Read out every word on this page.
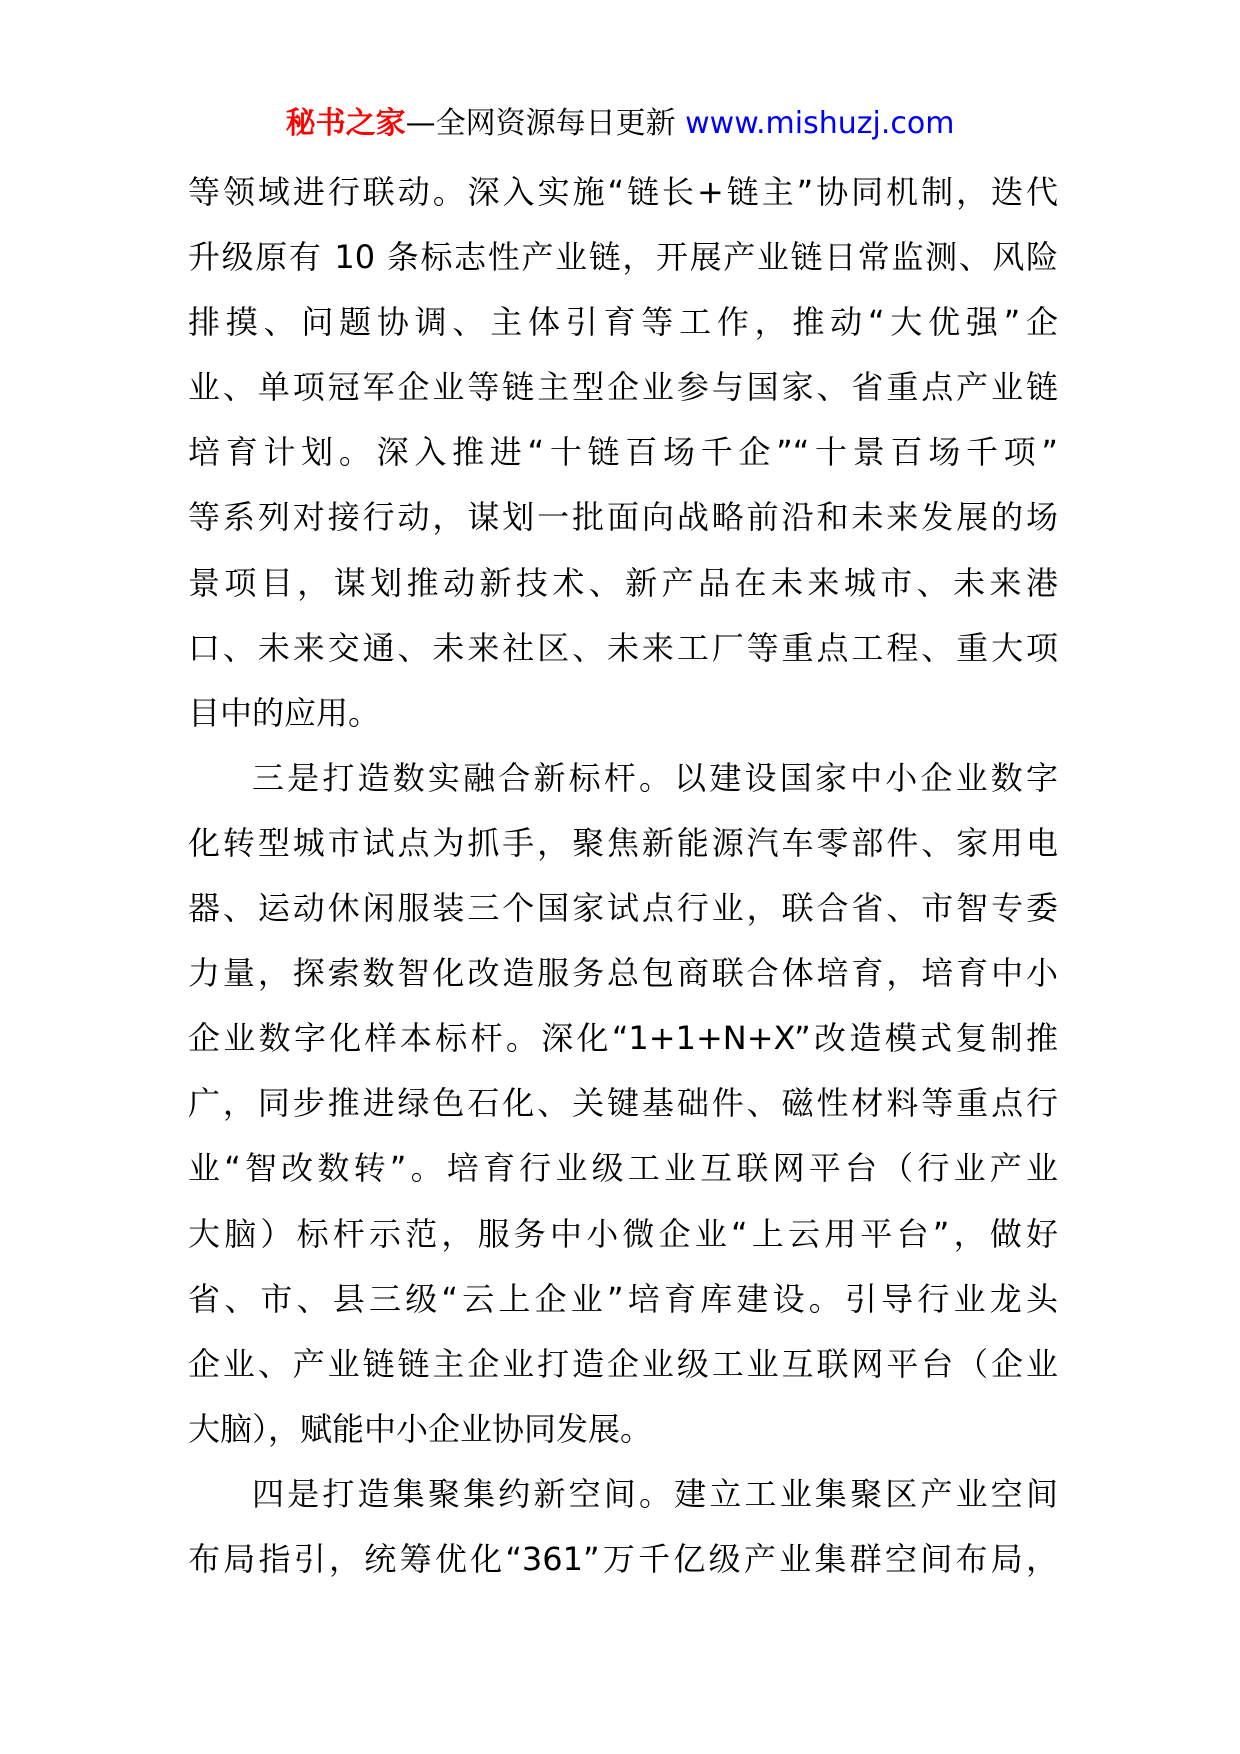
秘书之家—全网资源每日更新 www.mishuzj.com
等领域进行联动。深入实施“链长+链主”协同机制，迭代
升级原有 10 条标志性产业链，开展产业链日常监测、风险
排摸、问题协调、主体引育等工作，推动“大优强”企
业、单项冠军企业等链主型企业参与国家、省重点产业链
培育计划。深入推进“十链百场千企”“十景百场千项”
等系列对接行动，谋划一批面向战略前沿和未来发展的场
景项目，谋划推动新技术、新产品在未来城市、未来港
口、未来交通、未来社区、未来工厂等重点工程、重大项
目中的应用。
三是打造数实融合新标杆。以建设国家中小企业数字
化转型城市试点为抓手，聚焦新能源汽车零部件、家用电
器、运动休闲服装三个国家试点行业，联合省、市智专委
力量，探索数智化改造服务总包商联合体培育，培育中小
企业数字化样本标杆。深化“1+1+N+X”改造模式复制推
广，同步推进绿色石化、关键基础件、磁性材料等重点行
业“智改数转”。培育行业级工业互联网平台（行业产业
大脑）标杆示范，服务中小微企业“上云用平台”，做好
省、市、县三级“云上企业”培育库建设。引导行业龙头
企业、产业链链主企业打造企业级工业互联网平台（企业
大脑），赋能中小企业协同发展。
四是打造集聚集约新空间。建立工业集聚区产业空间
布局指引，统筹优化“361”万千亿级产业集群空间布局，
